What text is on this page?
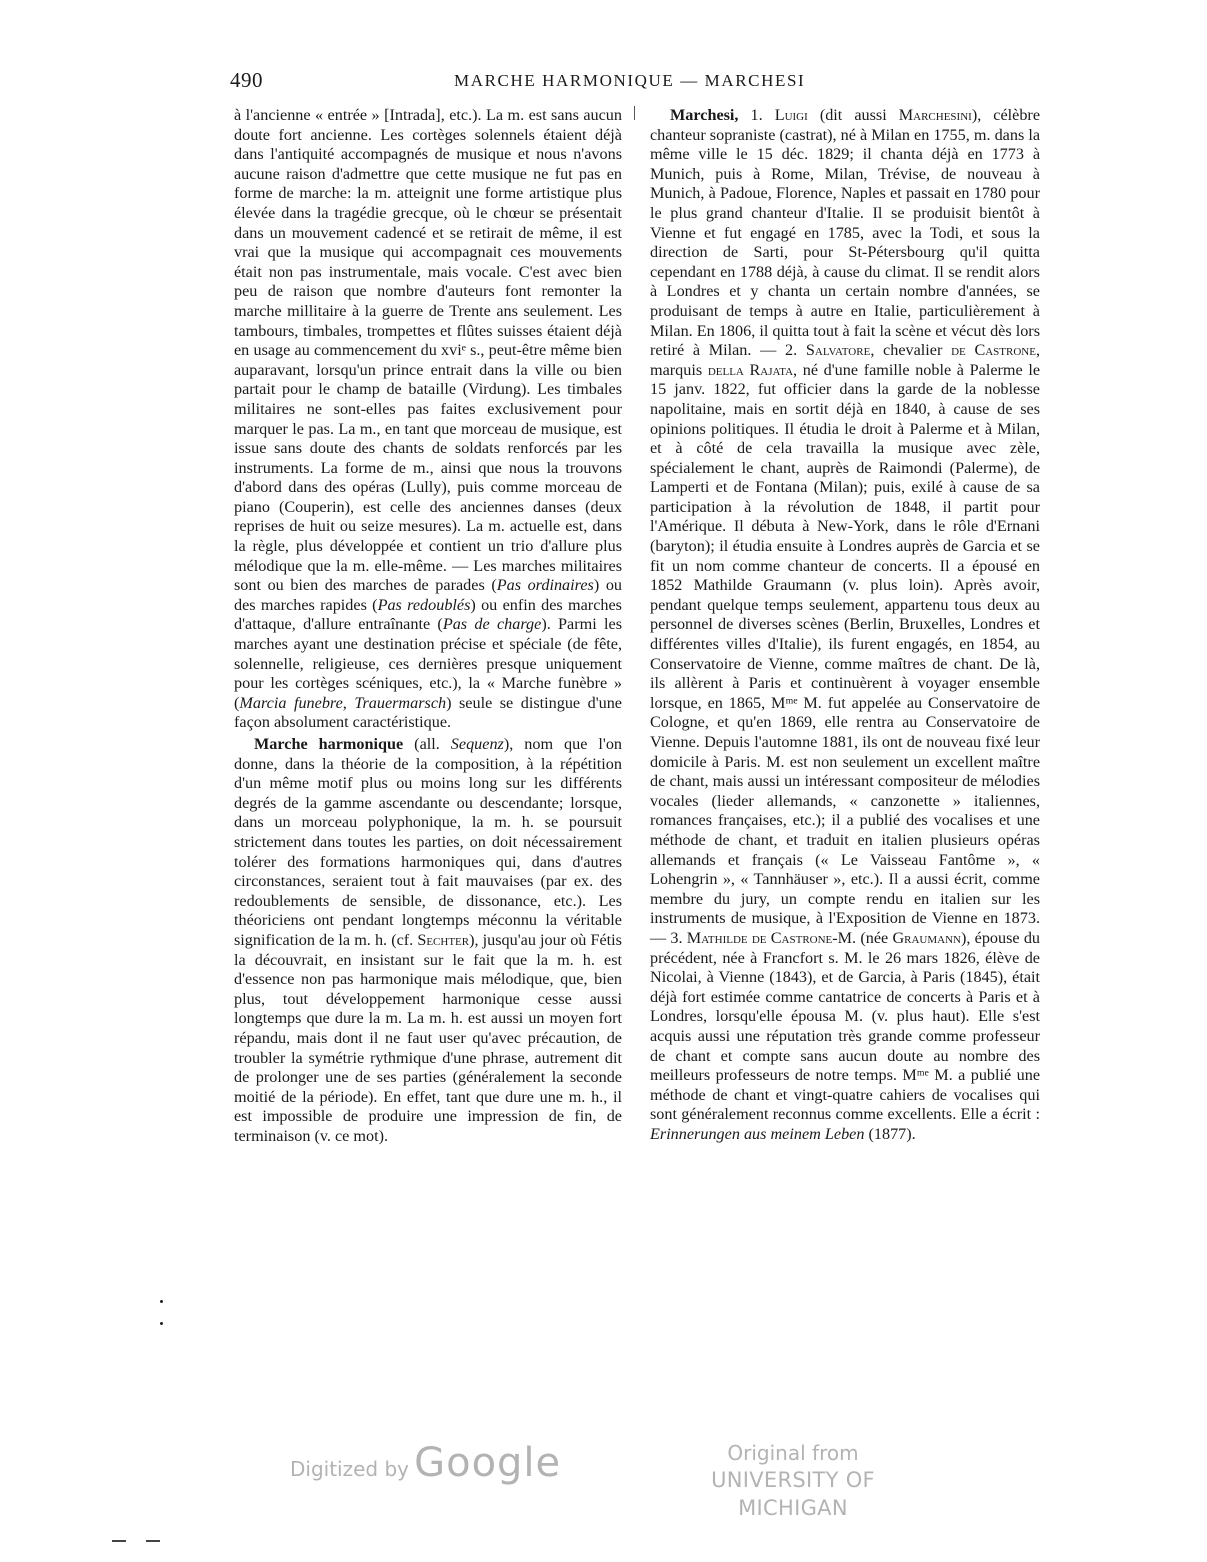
490	MARCHE HARMONIQUE — MARCHESI

à l'ancienne « entrée » [Intrada], etc.). La m. est sans aucun doute fort ancienne. Les cortèges solennels étaient déjà dans l'antiquité accompagnés de musique et nous n'avons aucune raison d'admettre que cette musique ne fut pas en forme de marche: la m. atteignit une forme artistique plus élevée dans la tragédie grecque, où le chœur se présentait dans un mouvement cadencé et se retirait de même, il est vrai que la musique qui accompagnait ces mouvements était non pas instrumentale, mais vocale. C'est avec bien peu de raison que nombre d'auteurs font remonter la marche millitaire à la guerre de Trente ans seulement. Les tambours, timbales, trompettes et flûtes suisses étaient déjà en usage au commencement du xviᵉ s., peut-être même bien auparavant, lorsqu'un prince entrait dans la ville ou bien partait pour le champ de bataille (Virdung). Les timbales militaires ne sont-elles pas faites exclusivement pour marquer le pas. La m., en tant que morceau de musique, est issue sans doute des chants de soldats renforcés par les instruments. La forme de m., ainsi que nous la trouvons d'abord dans des opéras (Lully), puis comme morceau de piano (Couperin), est celle des anciennes danses (deux reprises de huit ou seize mesures). La m. actuelle est, dans la règle, plus développée et contient un trio d'allure plus mélodique que la m. elle-même. — Les marches militaires sont ou bien des marches de parades (Pas ordinaires) ou des marches rapides (Pas redoublés) ou enfin des marches d'attaque, d'allure entraînante (Pas de charge). Parmi les marches ayant une destination précise et spéciale (de fête, solennelle, religieuse, ces dernières presque uniquement pour les cortèges scéniques, etc.), la « Marche funèbre » (Marcia funebre, Trauermarsch) seule se distingue d'une façon absolument caractéristique.

Marche harmonique (all. Sequenz), nom que l'on donne, dans la théorie de la composition, à la répétition d'un même motif plus ou moins long sur les différents degrés de la gamme ascendante ou descendante; lorsque, dans un morceau polyphonique, la m. h. se poursuit strictement dans toutes les parties, on doit nécessairement tolérer des formations harmoniques qui, dans d'autres circonstances, seraient tout à fait mauvaises (par ex. des redoublements de sensible, de dissonance, etc.). Les théoriciens ont pendant longtemps méconnu la véritable signification de la m. h. (cf. Sechter), jusqu'au jour où Fétis la découvrait, en insistant sur le fait que la m. h. est d'essence non pas harmonique mais mélodique, que, bien plus, tout développement harmonique cesse aussi longtemps que dure la m. La m. h. est aussi un moyen fort répandu, mais dont il ne faut user qu'avec précaution, de troubler la symétrie rythmique d'une phrase, autrement dit de prolonger une de ses parties (généralement la seconde moitié de la période). En effet, tant que dure une m. h., il est impossible de produire une impression de fin, de terminaison (v. ce mot).

Marchesi, 1. Luigi (dit aussi Marchesini), célèbre chanteur sopraniste (castrat), né à Milan en 1755, m. dans la même ville le 15 déc. 1829; il chanta déjà en 1773 à Munich, puis à Rome, Milan, Trévise, de nouveau à Munich, à Padoue, Florence, Naples et passait en 1780 pour le plus grand chanteur d'Italie. Il se produisit bientôt à Vienne et fut engagé en 1785, avec la Todi, et sous la direction de Sarti, pour St-Pétersbourg qu'il quitta cependant en 1788 déjà, à cause du climat. Il se rendit alors à Londres et y chanta un certain nombre d'années, se produisant de temps à autre en Italie, particulièrement à Milan. En 1806, il quitta tout à fait la scène et vécut dès lors retiré à Milan. — 2. Salvatore, chevalier de Castrone, marquis della Rajata, né d'une famille noble à Palerme le 15 janv. 1822, fut officier dans la garde de la noblesse napolitaine, mais en sortit déjà en 1840, à cause de ses opinions politiques. Il étudia le droit à Palerme et à Milan, et à côté de cela travailla la musique avec zèle, spécialement le chant, auprès de Raimondi (Palerme), de Lamperti et de Fontana (Milan); puis, exilé à cause de sa participation à la révolution de 1848, il partit pour l'Amérique. Il débuta à New-York, dans le rôle d'Ernani (baryton); il étudia ensuite à Londres auprès de Garcia et se fit un nom comme chanteur de concerts. Il a épousé en 1852 Mathilde Graumann (v. plus loin). Après avoir, pendant quelque temps seulement, appartenu tous deux au personnel de diverses scènes (Berlin, Bruxelles, Londres et différentes villes d'Italie), ils furent engagés, en 1854, au Conservatoire de Vienne, comme maîtres de chant. De là, ils allèrent à Paris et continuèrent à voyager ensemble lorsque, en 1865, Mᵐᵉ M. fut appelée au Conservatoire de Cologne, et qu'en 1869, elle rentra au Conservatoire de Vienne. Depuis l'automne 1881, ils ont de nouveau fixé leur domicile à Paris. M. est non seulement un excellent maître de chant, mais aussi un intéressant compositeur de mélodies vocales (lieder allemands, « canzonette » italiennes, romances françaises, etc.); il a publié des vocalises et une méthode de chant, et traduit en italien plusieurs opéras allemands et français (« Le Vaisseau Fantôme », « Lohengrin », « Tannhäuser », etc.). Il a aussi écrit, comme membre du jury, un compte rendu en italien sur les instruments de musique, à l'Exposition de Vienne en 1873. — 3. Mathilde de Castrone-M. (née Graumann), épouse du précédent, née à Francfort s. M. le 26 mars 1826, élève de Nicolai, à Vienne (1843), et de Garcia, à Paris (1845), était déjà fort estimée comme cantatrice de concerts à Paris et à Londres, lorsqu'elle épousa M. (v. plus haut). Elle s'est acquis aussi une réputation très grande comme professeur de chant et compte sans aucun doute au nombre des meilleurs professeurs de notre temps. Mᵐᵉ M. a publié une méthode de chant et vingt-quatre cahiers de vocalises qui sont généralement reconnus comme excellents. Elle a écrit : Erinnerungen aus meinem Leben (1877).

Digitized by Google	Original from
UNIVERSITY OF MICHIGAN
